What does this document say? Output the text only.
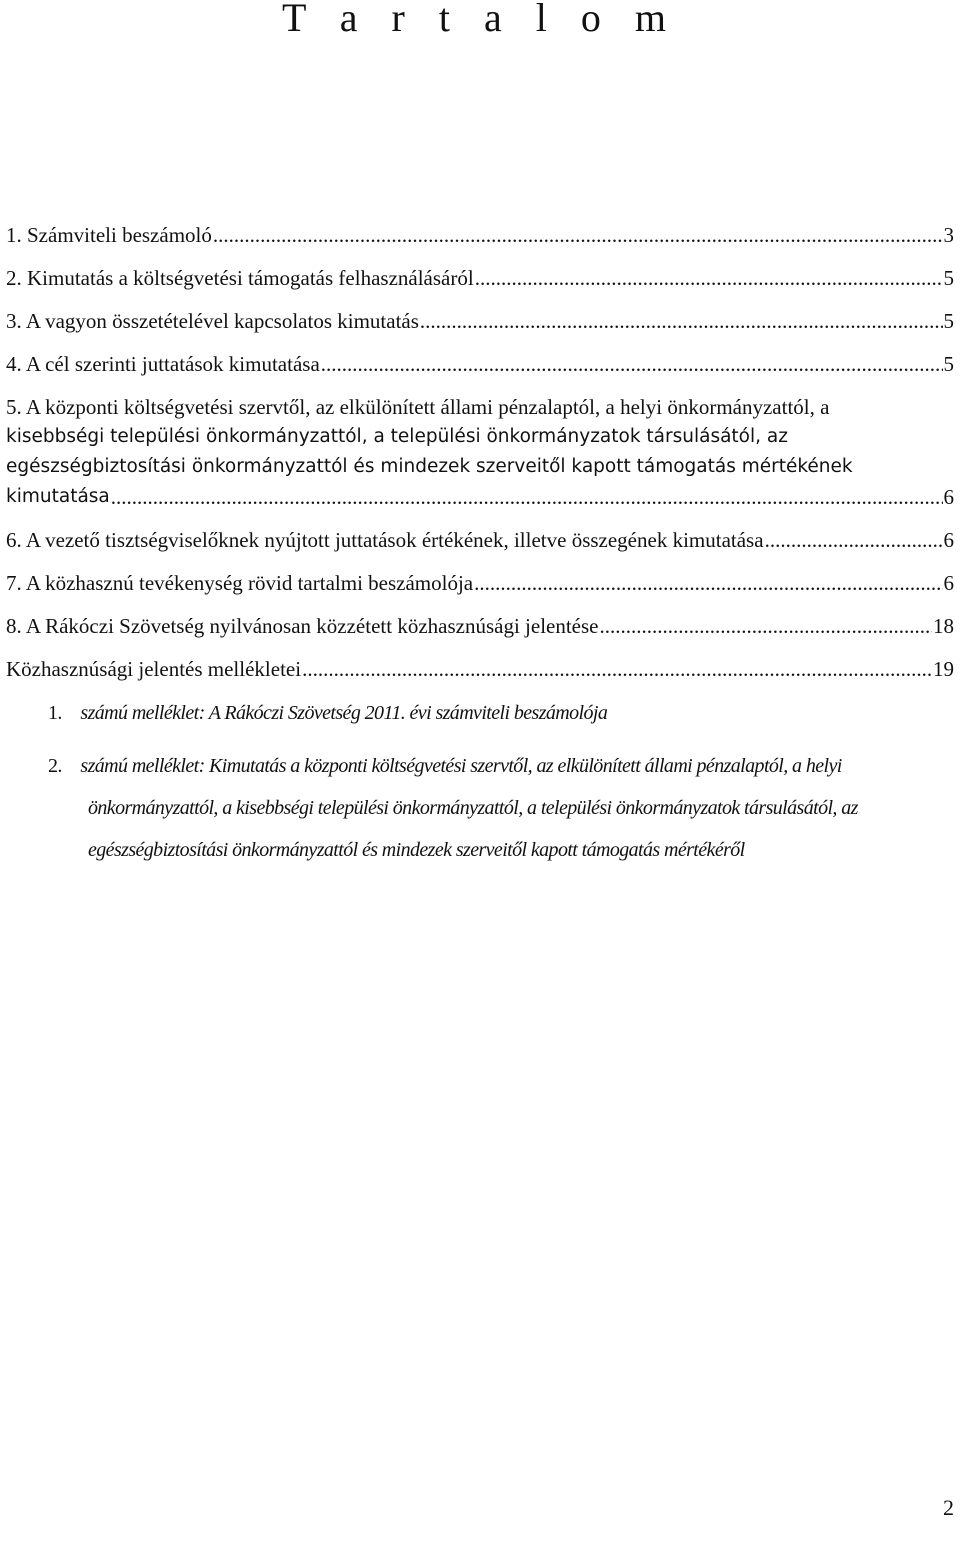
T a r t a l o m
1. Számviteli beszámoló .....	3
2. Kimutatás a költségvetési támogatás felhasználásáról .....	5
3. A vagyon összetételével kapcsolatos kimutatás .....	5
4. A cél szerinti juttatások kimutatása .....	5
5. A központi költségvetési szervtől, az elkülönített állami pénzalaptól, a helyi önkormányzattól, a
kisebbségi települési önkormányzattól, a települési önkormányzatok társulásától, az
egészségbiztosítási önkormányzattól és mindezek szerveitől kapott támogatás mértékének
kimutatása .....	6
6. A vezető tisztségviselőknek nyújtott juttatások értékének, illetve összegének kimutatása .....	6
7. A közhasznú tevékenység rövid tartalmi beszámolója .....	6
8. A Rákóczi Szövetség nyilvánosan közzétett közhasznúsági jelentése .....	18
Közhasznúsági jelentés mellékletei .....	19
1. számú melléklet: A Rákóczi Szövetség 2011. évi számviteli beszámolója
2. számú melléklet: Kimutatás a központi költségvetési szervtől, az elkülönített állami pénzalaptól, a helyi
önkormányzattól, a kisebbségi települési önkormányzattól, a települési önkormányzatok társulásától, az
egészségbiztosítási önkormányzattól és mindezek szerveitől kapott támogatás mértékéről
2
